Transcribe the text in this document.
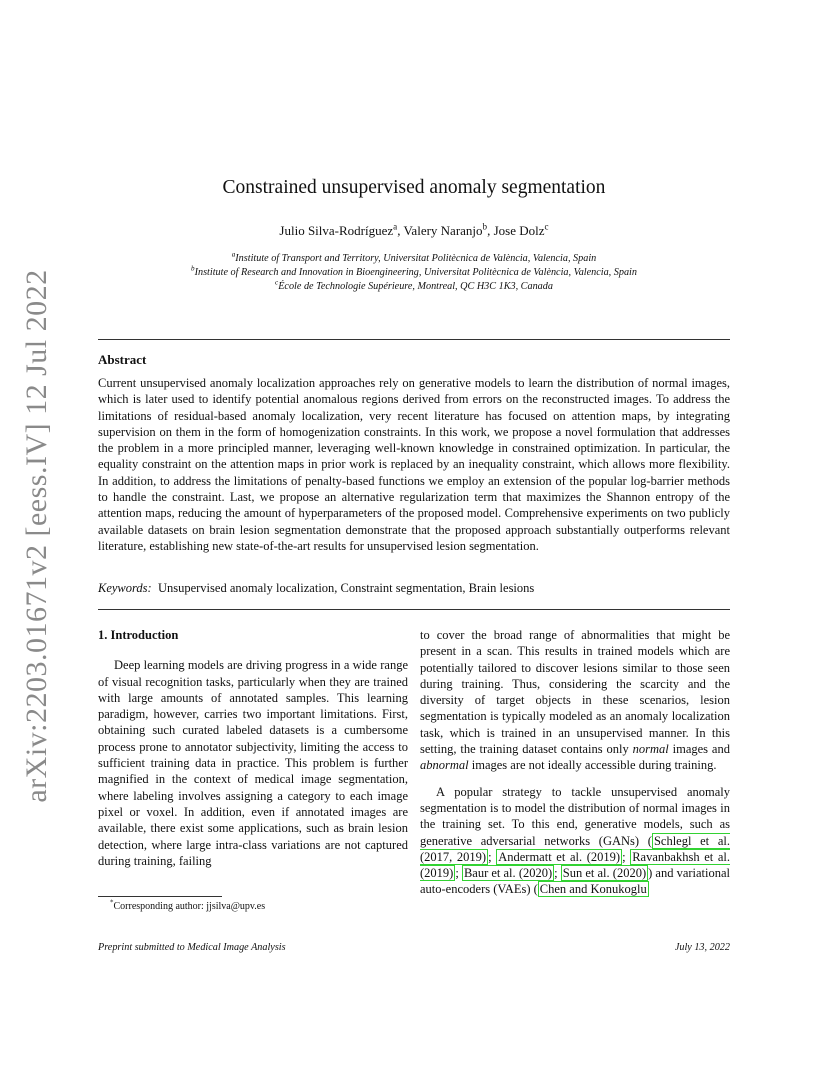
arXiv:2203.01671v2 [eess.IV] 12 Jul 2022
Constrained unsupervised anomaly segmentation
Julio Silva-Rodríguez$^a$, Valery Naranjo$^b$, Jose Dolz$^c$
$^a$Institute of Transport and Territory, Universitat Politècnica de València, Valencia, Spain
$^b$Institute of Research and Innovation in Bioengineering, Universitat Politècnica de València, Valencia, Spain
$^c$École de Technologie Supérieure, Montreal, QC H3C 1K3, Canada
Abstract
Current unsupervised anomaly localization approaches rely on generative models to learn the distribution of normal images, which is later used to identify potential anomalous regions derived from errors on the reconstructed images. To address the limitations of residual-based anomaly localization, very recent literature has focused on attention maps, by integrating supervision on them in the form of homogenization constraints. In this work, we propose a novel formulation that addresses the problem in a more principled manner, leveraging well-known knowledge in constrained optimization. In particular, the equality constraint on the attention maps in prior work is replaced by an inequality constraint, which allows more flexibility. In addition, to address the limitations of penalty-based functions we employ an extension of the popular log-barrier methods to handle the constraint. Last, we propose an alternative regularization term that maximizes the Shannon entropy of the attention maps, reducing the amount of hyperparameters of the proposed model. Comprehensive experiments on two publicly available datasets on brain lesion segmentation demonstrate that the proposed approach substantially outperforms relevant literature, establishing new state-of-the-art results for unsupervised lesion segmentation.
Keywords: Unsupervised anomaly localization, Constraint segmentation, Brain lesions
1. Introduction

Deep learning models are driving progress in a wide range of visual recognition tasks, particularly when they are trained with large amounts of annotated samples. This learning paradigm, however, carries two important limitations. First, obtaining such curated labeled datasets is a cumbersome process prone to annotator subjectivity, limiting the access to sufficient training data in practice. This problem is further magnified in the context of medical image segmentation, where labeling involves assigning a category to each image pixel or voxel. In addition, even if annotated images are available, there exist some applications, such as brain lesion detection, where large intra-class variations are not captured during training, failing

to cover the broad range of abnormalities that might be present in a scan. This results in trained models which are potentially tailored to discover lesions similar to those seen during training. Thus, considering the scarcity and the diversity of target objects in these scenarios, lesion segmentation is typically modeled as an anomaly localization task, which is trained in an unsupervised manner. In this setting, the training dataset contains only normal images and abnormal images are not ideally accessible during training.

A popular strategy to tackle unsupervised anomaly segmentation is to model the distribution of normal images in the training set. To this end, generative models, such as generative adversarial networks (GANs) ( Schlegl et al. (2017, 2019) ; Andermatt et al. (2019) ; Ravanbakhsh et al. (2019) ; Baur et al. (2020) ; Sun et al. (2020) ) and variational auto-encoders (VAEs) ( Chen and Konukoglu

*Corresponding author: jjsilva@upv.es
Preprint submitted to Medical Image Analysis	July 13, 2022
